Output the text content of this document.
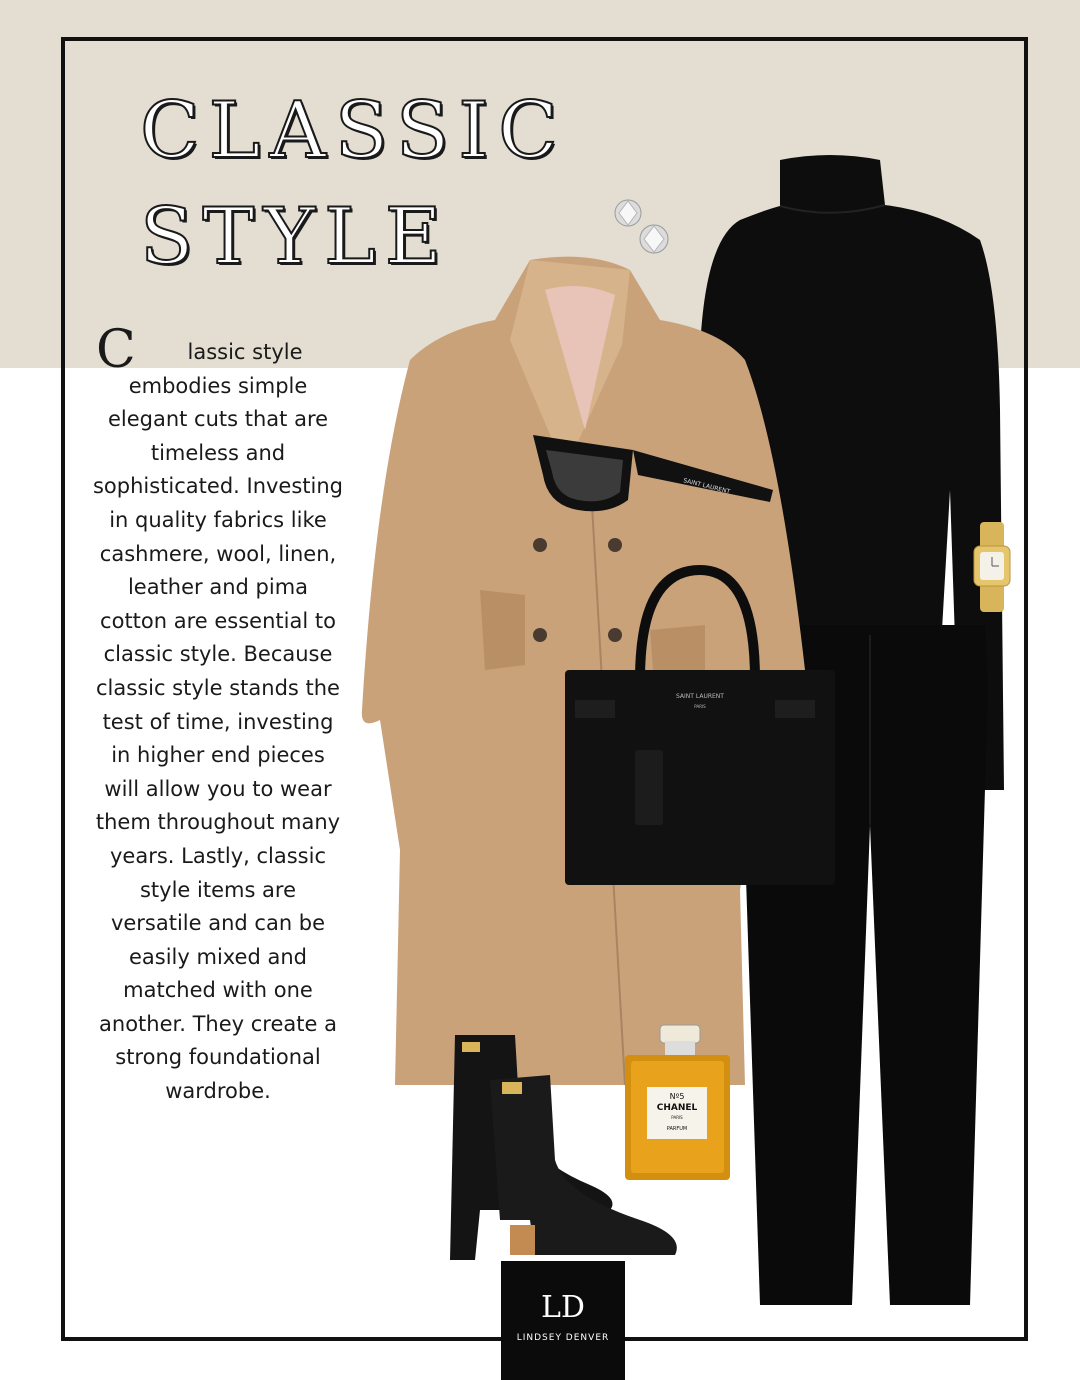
CLASSIC
STYLE
C	lassic style embodies simple elegant cuts that are timeless and sophisticated. Investing in quality fabrics like cashmere, wool, linen, leather and pima cotton are essential to classic style. Because classic style stands the test of time, investing in higher end pieces will allow you to wear them throughout many years. Lastly, classic style items are versatile and can be easily mixed and matched with one another. They create a strong foundational wardrobe.

SAINT LAURENT
SAINT LAURENT
PARIS
Nº5
CHANEL
PARIS
PARFUM
LD
LINDSEY DENVER
